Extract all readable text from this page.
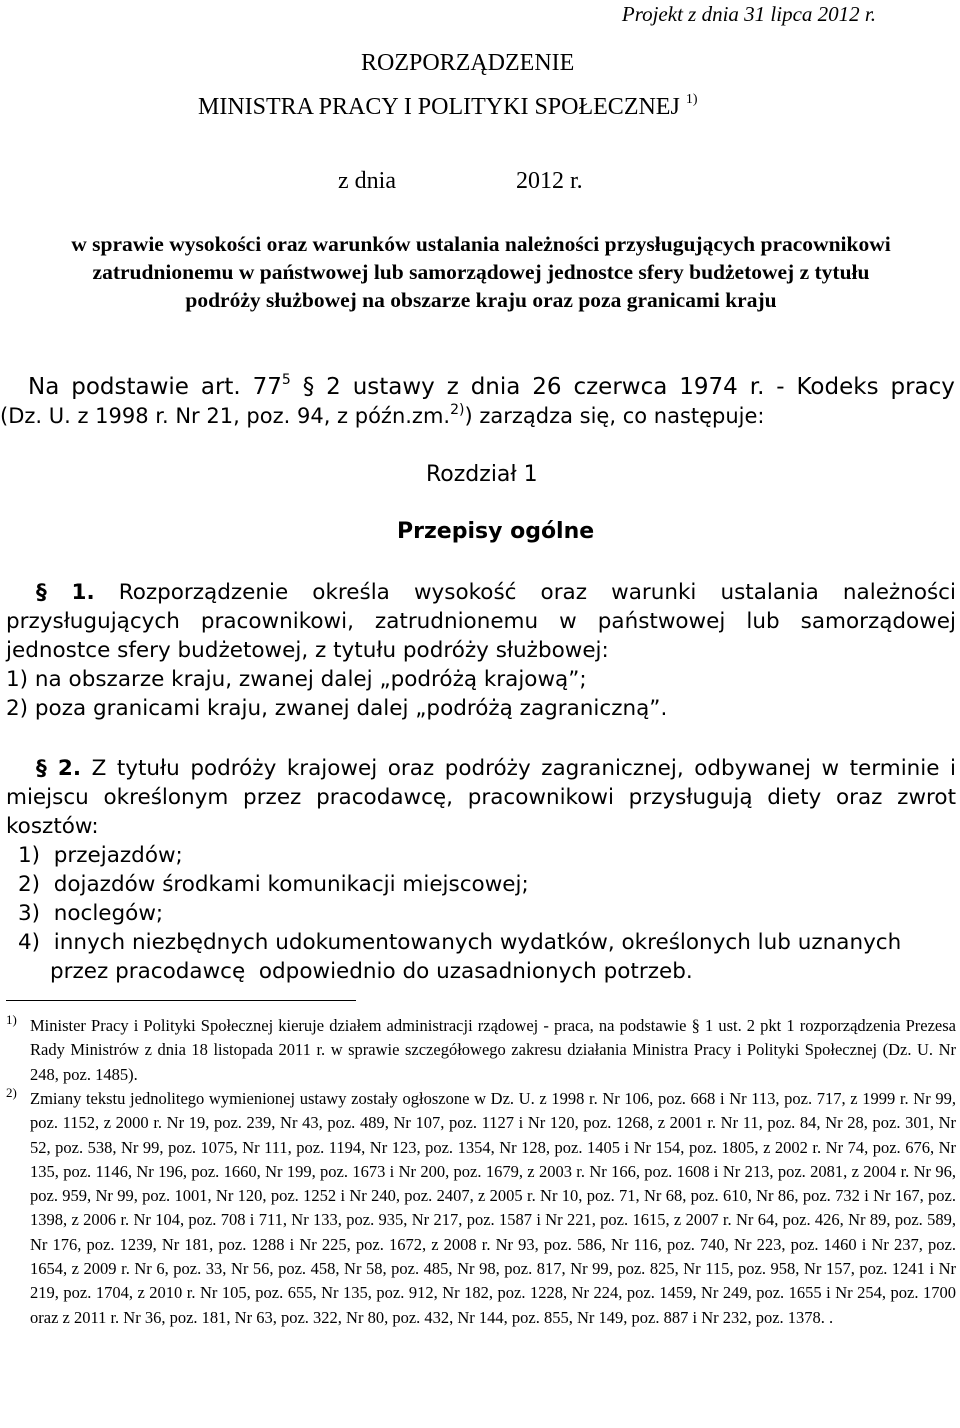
Projekt z dnia 31 lipca 2012 r.
ROZPORZĄDZENIE
MINISTRA PRACY I POLITYKI SPOŁECZNEJ $^{1)}$
z dnia                    2012 r.
w sprawie wysokości oraz warunków ustalania należności przysługujących pracownikowi zatrudnionemu w państwowej lub samorządowej jednostce sfery budżetowej z tytułu podróży służbowej na obszarze kraju oraz poza granicami kraju
Na podstawie art. $77^5$ § 2 ustawy z dnia 26 czerwca 1974 r. - Kodeks pracy
(Dz. U. z 1998 r. Nr 21, poz. 94, z późn.zm.$^{2)}$) zarządza się, co następuje:
Rozdział 1
Przepisy ogólne
§ 1. Rozporządzenie określa wysokość oraz warunki ustalania należności przysługujących pracownikowi, zatrudnionemu w państwowej lub samorządowej jednostce sfery budżetowej, z tytułu podróży służbowej:
1) na obszarze kraju, zwanej dalej „podróżą krajową”;
2) poza granicami kraju, zwanej dalej „podróżą zagraniczną”.
§ 2. Z tytułu podróży krajowej oraz podróży zagranicznej, odbywanej w terminie i miejscu określonym przez pracodawcę, pracownikowi przysługują diety oraz zwrot kosztów:
1)  przejazdów;
2)  dojazdów środkami komunikacji miejscowej;
3)  noclegów;
4)  innych niezbędnych udokumentowanych wydatków, określonych lub uznanych
przez pracodawcę  odpowiednio do uzasadnionych potrzeb.
1) Minister Pracy i Polityki Społecznej kieruje działem administracji rządowej - praca, na podstawie § 1 ust. 2 pkt 1 rozporządzenia Prezesa Rady Ministrów z dnia 18 listopada 2011 r. w sprawie szczegółowego zakresu działania Ministra Pracy i Polityki Społecznej (Dz. U. Nr 248, poz. 1485).
2) Zmiany tekstu jednolitego wymienionej ustawy zostały ogłoszone w Dz. U. z 1998 r. Nr 106, poz. 668 i Nr 113, poz. 717, z 1999 r. Nr 99, poz. 1152, z 2000 r. Nr 19, poz. 239, Nr 43, poz. 489, Nr 107, poz. 1127 i Nr 120, poz. 1268, z 2001 r. Nr 11, poz. 84, Nr 28, poz. 301, Nr 52, poz. 538, Nr 99, poz. 1075, Nr 111, poz. 1194, Nr 123, poz. 1354, Nr 128, poz. 1405 i Nr 154, poz. 1805, z 2002 r. Nr 74, poz. 676, Nr 135, poz. 1146, Nr 196, poz. 1660, Nr 199, poz. 1673 i Nr 200, poz. 1679, z 2003 r. Nr 166, poz. 1608 i Nr 213, poz. 2081, z 2004 r. Nr 96, poz. 959, Nr 99, poz. 1001, Nr 120, poz. 1252 i Nr 240, poz. 2407, z 2005 r. Nr 10, poz. 71, Nr 68, poz. 610, Nr 86, poz. 732 i Nr 167, poz. 1398, z 2006 r. Nr 104, poz. 708 i 711, Nr 133, poz. 935, Nr 217, poz. 1587 i Nr 221, poz. 1615, z 2007 r. Nr 64, poz. 426, Nr 89, poz. 589, Nr 176, poz. 1239, Nr 181, poz. 1288 i Nr 225, poz. 1672, z 2008 r. Nr 93, poz. 586, Nr 116, poz. 740, Nr 223, poz. 1460 i Nr 237, poz. 1654, z 2009 r. Nr 6, poz. 33, Nr 56, poz. 458, Nr 58, poz. 485, Nr 98, poz. 817, Nr 99, poz. 825, Nr 115, poz. 958, Nr 157, poz. 1241 i Nr 219, poz. 1704, z 2010 r. Nr 105, poz. 655, Nr 135, poz. 912, Nr 182, poz. 1228, Nr 224, poz. 1459, Nr 249, poz. 1655 i Nr 254, poz. 1700 oraz z 2011 r. Nr 36, poz. 181, Nr 63, poz. 322, Nr 80, poz. 432, Nr 144, poz. 855, Nr 149, poz. 887 i Nr 232, poz. 1378. .
